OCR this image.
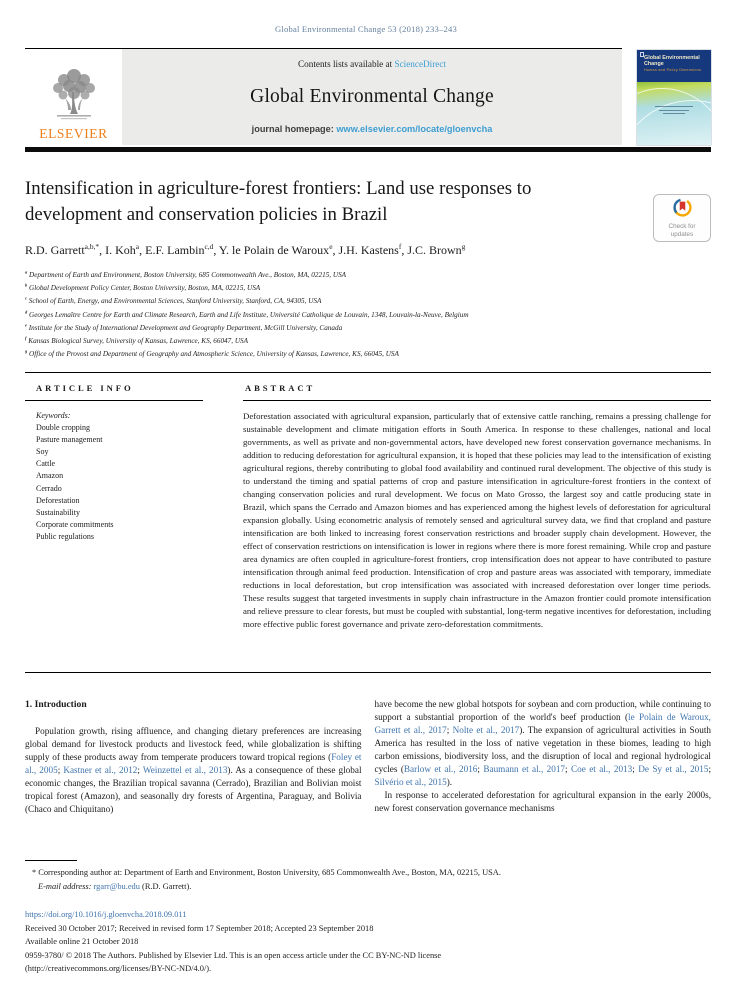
Global Environmental Change 53 (2018) 233–243
ELSEVIER
Contents lists available at ScienceDirect
Global Environmental Change
journal homepage: www.elsevier.com/locate/gloenvcha
Global Environmental Change
Human and Policy Dimensions
Intensification in agriculture-forest frontiers: Land use responses to development and conservation policies in Brazil
Check for updates
R.D. Garrett$^{a,b,*}$, I. Koh$^a$, E.F. Lambin$^{c,d}$, Y. le Polain de Waroux$^e$, J.H. Kastens$^f$, J.C. Brown$^g$
$^a$ Department of Earth and Environment, Boston University, 685 Commonwealth Ave., Boston, MA, 02215, USA
$^b$ Global Development Policy Center, Boston University, Boston, MA, 02215, USA
$^c$ School of Earth, Energy, and Environmental Sciences, Stanford University, Stanford, CA, 94305, USA
$^d$ Georges Lemaître Centre for Earth and Climate Research, Earth and Life Institute, Université Catholique de Louvain, 1348, Louvain-la-Neuve, Belgium
$^e$ Institute for the Study of International Development and Geography Department, McGill University, Canada
$^f$ Kansas Biological Survey, University of Kansas, Lawrence, KS, 66047, USA
$^g$ Office of the Provost and Department of Geography and Atmospheric Science, University of Kansas, Lawrence, KS, 66045, USA
ARTICLE INFO
Keywords:
Double cropping
Pasture management
Soy
Cattle
Amazon
Cerrado
Deforestation
Sustainability
Corporate commitments
Public regulations
ABSTRACT
Deforestation associated with agricultural expansion, particularly that of extensive cattle ranching, remains a pressing challenge for sustainable development and climate mitigation efforts in South America. In response to these challenges, national and local governments, as well as private and non-governmental actors, have developed new forest conservation governance mechanisms. In addition to reducing deforestation for agricultural expansion, it is hoped that these policies may lead to the intensification of existing agricultural regions, thereby contributing to global food availability and continued rural development. The objective of this study is to understand the timing and spatial patterns of crop and pasture intensification in agriculture-forest frontiers in the context of changing conservation policies and rural development. We focus on Mato Grosso, the largest soy and cattle producing state in Brazil, which spans the Cerrado and Amazon biomes and has experienced among the highest levels of deforestation for agricultural expansion globally. Using econometric analysis of remotely sensed and agricultural survey data, we find that cropland and pasture intensification are both linked to increasing forest conservation restrictions and broader supply chain development. However, the effect of conservation restrictions on intensification is lower in regions where there is more forest remaining. While crop and pasture area dynamics are often coupled in agriculture-forest frontiers, crop intensification does not appear to have contributed to pasture intensification through animal feed production. Intensification of crop and pasture areas was associated with temporary, immediate reductions in local deforestation, but crop intensification was associated with increased deforestation over longer time periods. These results suggest that targeted investments in supply chain infrastructure in the Amazon frontier could promote intensification and relieve pressure to clear forests, but must be coupled with substantial, long-term negative incentives for deforestation, including more effective public forest governance and private zero-deforestation commitments.
1. Introduction

Population growth, rising affluence, and changing dietary preferences are increasing global demand for livestock products and livestock feed, while globalization is shifting supply of these products away from temperate producers toward tropical regions (Foley et al., 2005; Kastner et al., 2012; Weinzettel et al., 2013). As a consequence of these global economic changes, the Brazilian tropical savanna (Cerrado), Brazilian and Bolivian moist tropical forest (Amazon), and seasonally dry forests of Argentina, Paraguay, and Bolivia (Chaco and Chiquitano)

have become the new global hotspots for soybean and corn production, while continuing to support a substantial proportion of the world's beef production (le Polain de Waroux, Garrett et al., 2017; Nolte et al., 2017). The expansion of agricultural activities in South America has resulted in the loss of native vegetation in these biomes, leading to high carbon emissions, biodiversity loss, and the disruption of local and regional hydrological cycles (Barlow et al., 2016; Baumann et al., 2017; Coe et al., 2013; De Sy et al., 2015; Silvério et al., 2015).

In response to accelerated deforestation for agricultural expansion in the early 2000s, new forest conservation governance mechanisms

* Corresponding author at: Department of Earth and Environment, Boston University, 685 Commonwealth Ave., Boston, MA, 02215, USA.
E-mail address: rgarr@bu.edu (R.D. Garrett).
https://doi.org/10.1016/j.gloenvcha.2018.09.011
Received 30 October 2017; Received in revised form 17 September 2018; Accepted 23 September 2018
Available online 21 October 2018
0959-3780/ © 2018 The Authors. Published by Elsevier Ltd. This is an open access article under the CC BY-NC-ND license
(http://creativecommons.org/licenses/BY-NC-ND/4.0/).
